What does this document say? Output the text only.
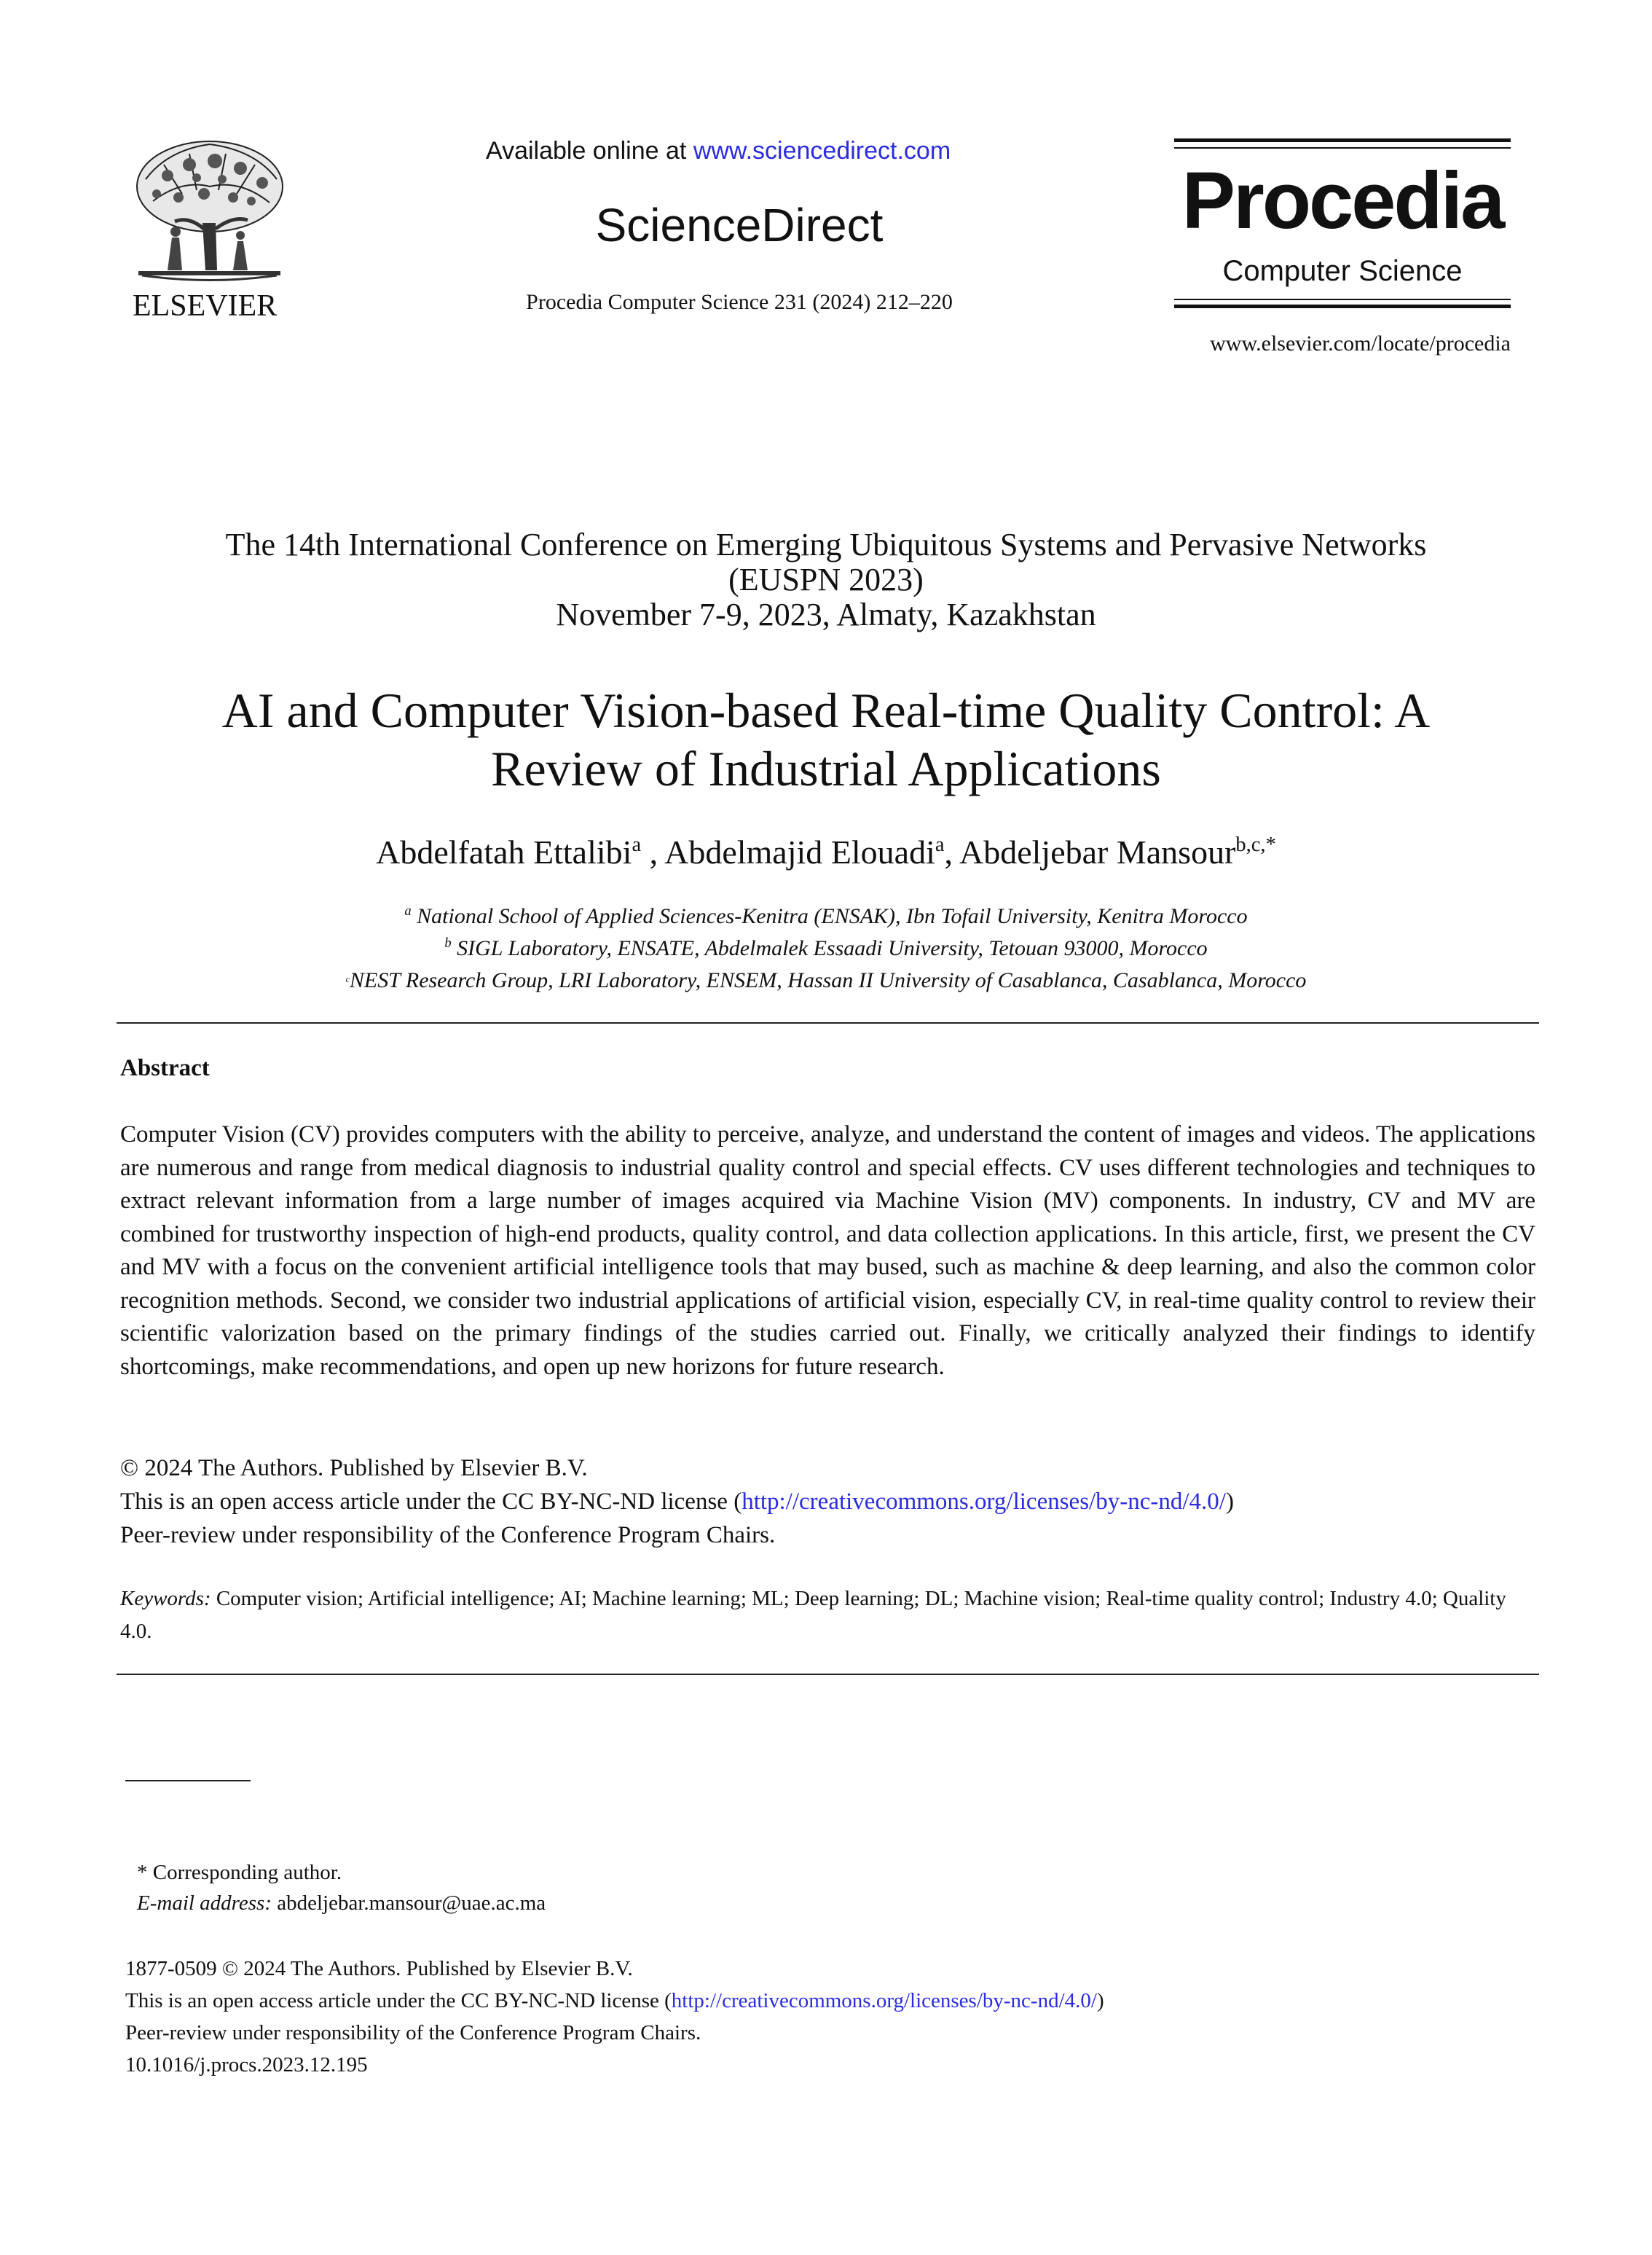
ELSEVIER
Available online at www.sciencedirect.com
ScienceDirect
Procedia Computer Science 231 (2024) 212–220
Procedia
Computer Science
www.elsevier.com/locate/procedia
The 14th International Conference on Emerging Ubiquitous Systems and Pervasive Networks
(EUSPN 2023)
November 7-9, 2023, Almaty, Kazakhstan
AI and Computer Vision-based Real-time Quality Control: A
Review of Industrial Applications
Abdelfatah Ettalibi$^a$ , Abdelmajid Elouadi$^a$, Abdeljebar Mansour$^{b,c,*}$
$^a$ National School of Applied Sciences-Kenitra (ENSAK), Ibn Tofail University, Kenitra Morocco
$^b$ SIGL Laboratory, ENSATE, Abdelmalek Essaadi University, Tetouan 93000, Morocco
$^c$NEST Research Group, LRI Laboratory, ENSEM, Hassan II University of Casablanca, Casablanca, Morocco
Abstract
Computer Vision (CV) provides computers with the ability to perceive, analyze, and understand the content of images and videos. The applications are numerous and range from medical diagnosis to industrial quality control and special effects. CV uses different technologies and techniques to extract relevant information from a large number of images acquired via Machine Vision (MV) components. In industry, CV and MV are combined for trustworthy inspection of high-end products, quality control, and data collection applications. In this article, first, we present the CV and MV with a focus on the convenient artificial intelligence tools that may bused, such as machine & deep learning, and also the common color recognition methods. Second, we consider two industrial applications of artificial vision, especially CV, in real-time quality control to review their scientific valorization based on the primary findings of the studies carried out. Finally, we critically analyzed their findings to identify shortcomings, make recommendations, and open up new horizons for future research.
© 2024 The Authors. Published by Elsevier B.V.
This is an open access article under the CC BY-NC-ND license (http://creativecommons.org/licenses/by-nc-nd/4.0/)
Peer-review under responsibility of the Conference Program Chairs.
Keywords: Computer vision; Artificial intelligence; AI; Machine learning; ML; Deep learning; DL; Machine vision; Real-time quality control; Industry 4.0; Quality 4.0.
* Corresponding author.
E-mail address: abdeljebar.mansour@uae.ac.ma
1877-0509 © 2024 The Authors. Published by Elsevier B.V.
This is an open access article under the CC BY-NC-ND license (http://creativecommons.org/licenses/by-nc-nd/4.0/)
Peer-review under responsibility of the Conference Program Chairs.
10.1016/j.procs.2023.12.195
